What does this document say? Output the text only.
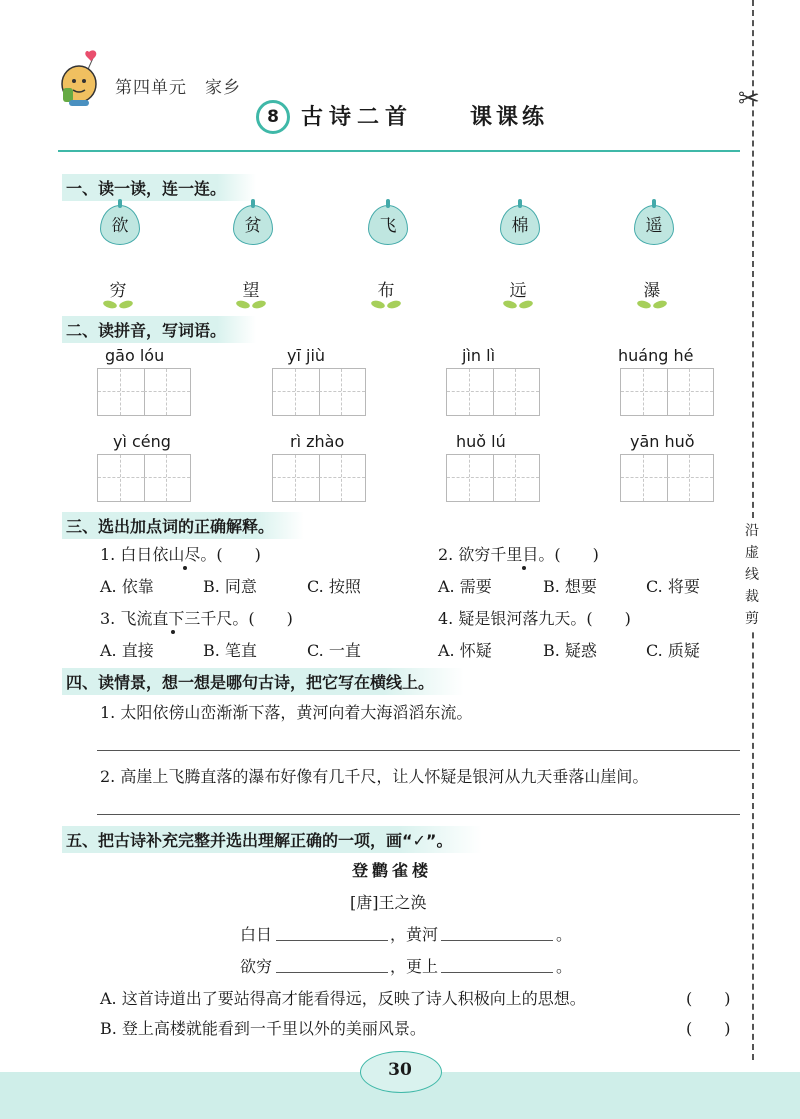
第四单元　家乡
8	古诗二首	课课练
✂
沿虚线裁剪
一、读一读，连一连。
欲	贫	飞	棉	遥
穷	望	布	远	瀑
二、读拼音，写词语。
gāo lóu	yī jiù	jìn lì	huáng hé
yì céng	rì zhào	huǒ lú	yān huǒ
三、选出加点词的正确解释。
1. 白日依山尽。(　　)	2. 欲穷千里目。(　　)
A. 依靠	B. 同意	C. 按照	A. 需要	B. 想要	C. 将要
3. 飞流直下三千尺。(　　)	4. 疑是银河落九天。(　　)
A. 直接	B. 笔直	C. 一直	A. 怀疑	B. 疑惑	C. 质疑
四、读情景，想一想是哪句古诗，把它写在横线上。
1. 太阳依傍山峦渐渐下落，黄河向着大海滔滔东流。
2. 高崖上飞腾直落的瀑布好像有几千尺，让人怀疑是银河从九天垂落山崖间。
五、把古诗补充完整并选出理解正确的一项，画“✓”。
登鹳雀楼
[唐]王之涣
白日	，黄河	。
欲穷	，更上	。
A. 这首诗道出了要站得高才能看得远，反映了诗人积极向上的思想。	(　　)
B. 登上高楼就能看到一千里以外的美丽风景。	(　　)
30
